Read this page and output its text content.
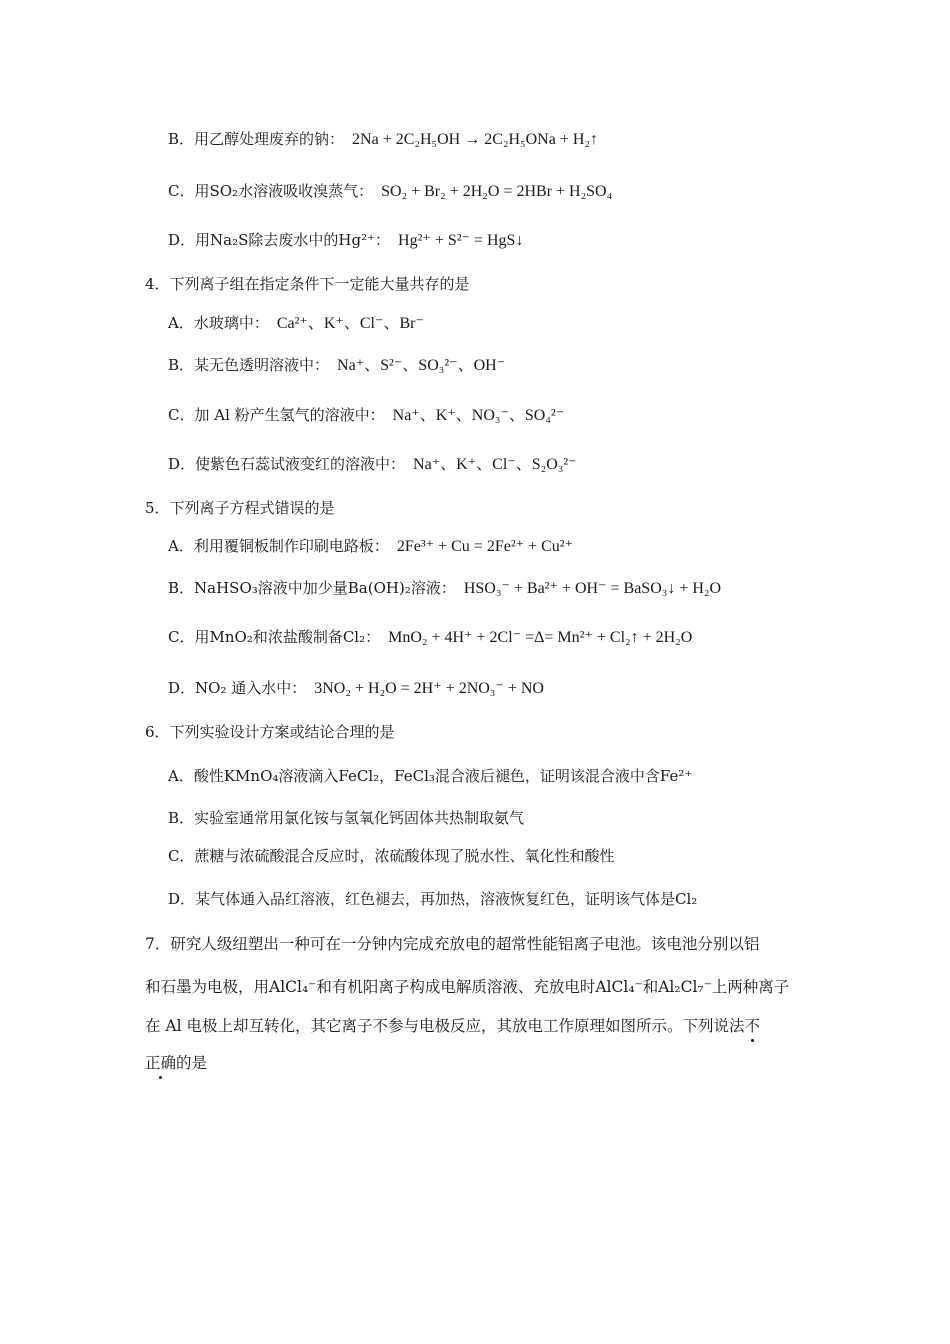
B．用乙醇处理废弃的钠： 2Na + 2C₂H₅OH → 2C₂H₅ONa + H₂↑
C．用SO₂水溶液吸收溴蒸气： SO₂ + Br₂ + 2H₂O = 2HBr + H₂SO₄
D．用Na₂S除去废水中的Hg²⁺： Hg²⁺ + S²⁻ = HgS↓
4．下列离子组在指定条件下一定能大量共存的是
A．水玻璃中： Ca²⁺、K⁺、Cl⁻、Br⁻
B．某无色透明溶液中： Na⁺、S²⁻、SO₃²⁻、OH⁻
C．加 Al 粉产生氢气的溶液中： Na⁺、K⁺、NO₃⁻、SO₄²⁻
D．使紫色石蕊试液变红的溶液中： Na⁺、K⁺、Cl⁻、S₂O₃²⁻
5．下列离子方程式错误的是
A．利用覆铜板制作印刷电路板： 2Fe³⁺ + Cu = 2Fe²⁺ + Cu²⁺
B．NaHSO₃溶液中加少量Ba(OH)₂溶液： HSO₃⁻ + Ba²⁺ + OH⁻ = BaSO₃↓ + H₂O
C．用MnO₂和浓盐酸制备Cl₂： MnO₂ + 4H⁺ + 2Cl⁻ =Δ= Mn²⁺ + Cl₂↑ + 2H₂O
D．NO₂ 通入水中： 3NO₂ + H₂O = 2H⁺ + 2NO₃⁻ + NO
6．下列实验设计方案或结论合理的是
A．酸性KMnO₄溶液滴入FeCl₂，FeCl₃混合液后褪色，证明该混合液中含Fe²⁺
B．实验室通常用氯化铵与氢氧化钙固体共热制取氨气
C．蔗糖与浓硫酸混合反应时，浓硫酸体现了脱水性、氧化性和酸性
D．某气体通入品红溶液，红色褪去，再加热，溶液恢复红色，证明该气体是Cl₂
7．研究人级纽塑出一种可在一分钟内完成充放电的超常性能铝离子电池。该电池分别以铝
和石墨为电极，用AlCl₄⁻和有机阳离子构成电解质溶液、充放电时AlCl₄⁻和Al₂Cl₇⁻上两种离子
在 Al 电极上却互转化，其它离子不参与电极反应，其放电工作原理如图所示。下列说法不
正确的是
